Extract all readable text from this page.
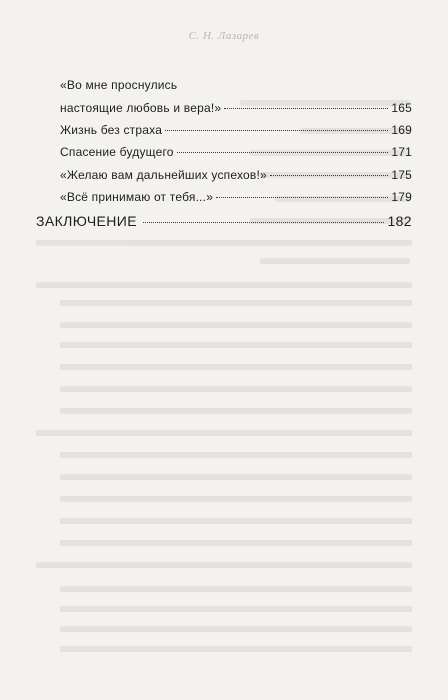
С. Н. Лазарев
«Во мне проснулись
настоящие любовь и вера!»	165
Жизнь без страха	169
Спасение будущего	171
«Желаю вам дальнейших успехов!»	175
«Всё принимаю от тебя...»	179
ЗАКЛЮЧЕНИЕ	182
